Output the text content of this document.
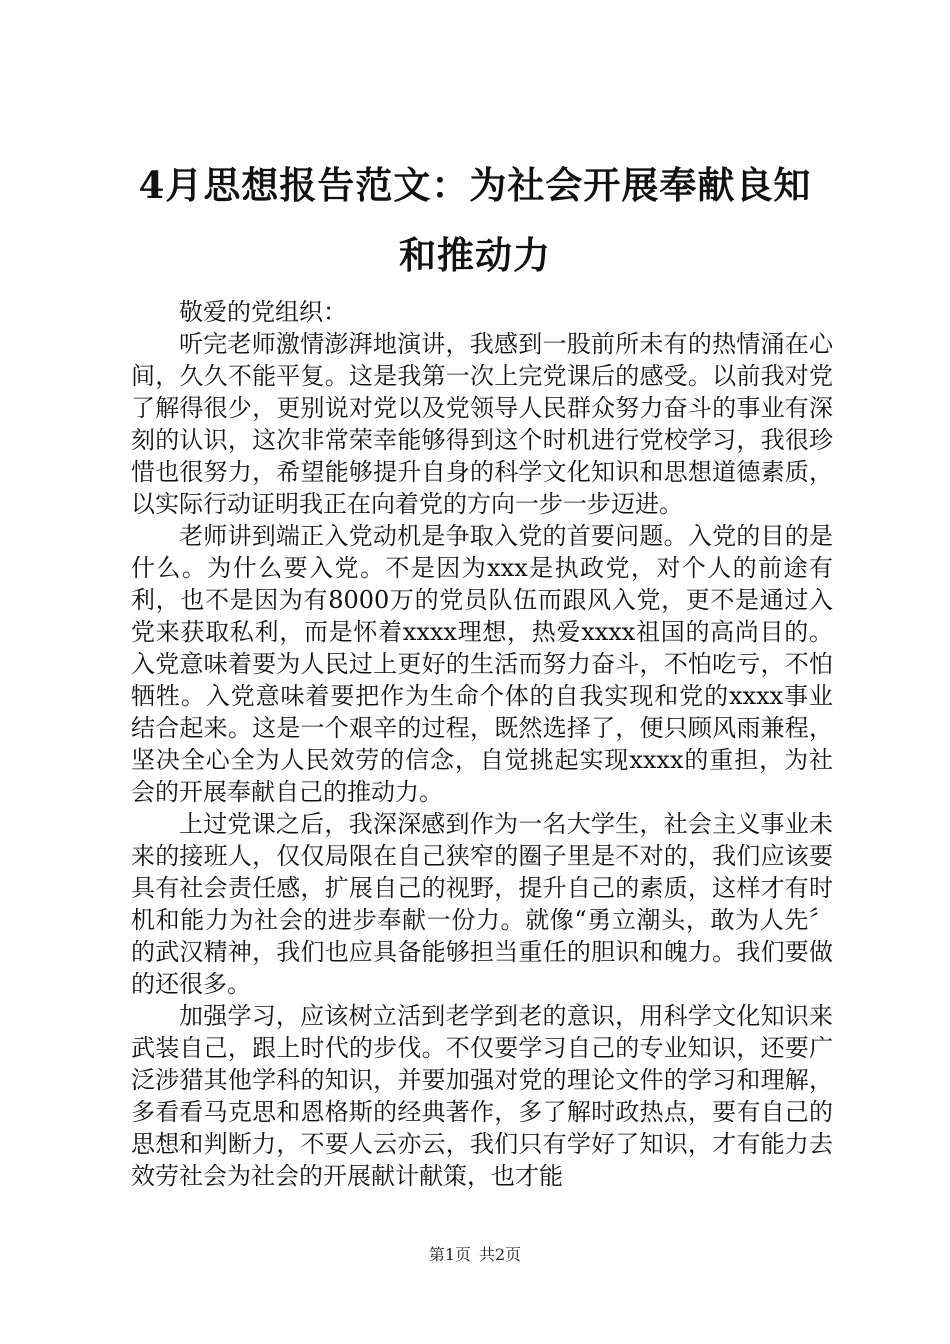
4月思想报告范文：为社会开展奉献良知和推动力

敬爱的党组织：

听完老师激情澎湃地演讲，我感到一股前所未有的热情涌在心间，久久不能平复。这是我第一次上完党课后的感受。以前我对党了解得很少，更别说对党以及党领导人民群众努力奋斗的事业有深刻的认识，这次非常荣幸能够得到这个时机进行党校学习，我很珍惜也很努力，希望能够提升自身的科学文化知识和思想道德素质，以实际行动证明我正在向着党的方向一步一步迈进。

老师讲到端正入党动机是争取入党的首要问题。入党的目的是什么。为什么要入党。不是因为xxx是执政党，对个人的前途有利，也不是因为有8000万的党员队伍而跟风入党，更不是通过入党来获取私利，而是怀着xxxx理想，热爱xxxx祖国的高尚目的。入党意味着要为人民过上更好的生活而努力奋斗，不怕吃亏，不怕牺牲。入党意味着要把作为生命个体的自我实现和党的xxxx事业结合起来。这是一个艰辛的过程，既然选择了，便只顾风雨兼程，坚决全心全为人民效劳的信念，自觉挑起实现xxxx的重担，为社会的开展奉献自己的推动力。

上过党课之后，我深深感到作为一名大学生，社会主义事业未来的接班人，仅仅局限在自己狭窄的圈子里是不对的，我们应该要具有社会责任感，扩展自己的视野，提升自己的素质，这样才有时机和能力为社会的进步奉献一份力。就像“勇立潮头，敢为人先〞的武汉精神，我们也应具备能够担当重任的胆识和魄力。我们要做的还很多。

加强学习，应该树立活到老学到老的意识，用科学文化知识来武装自己，跟上时代的步伐。不仅要学习自己的专业知识，还要广泛涉猎其他学科的知识，并要加强对党的理论文件的学习和理解，多看看马克思和恩格斯的经典著作，多了解时政热点，要有自己的思想和判断力，不要人云亦云，我们只有学好了知识，才有能力去效劳社会为社会的开展献计献策，也才能

第1页 共2页
